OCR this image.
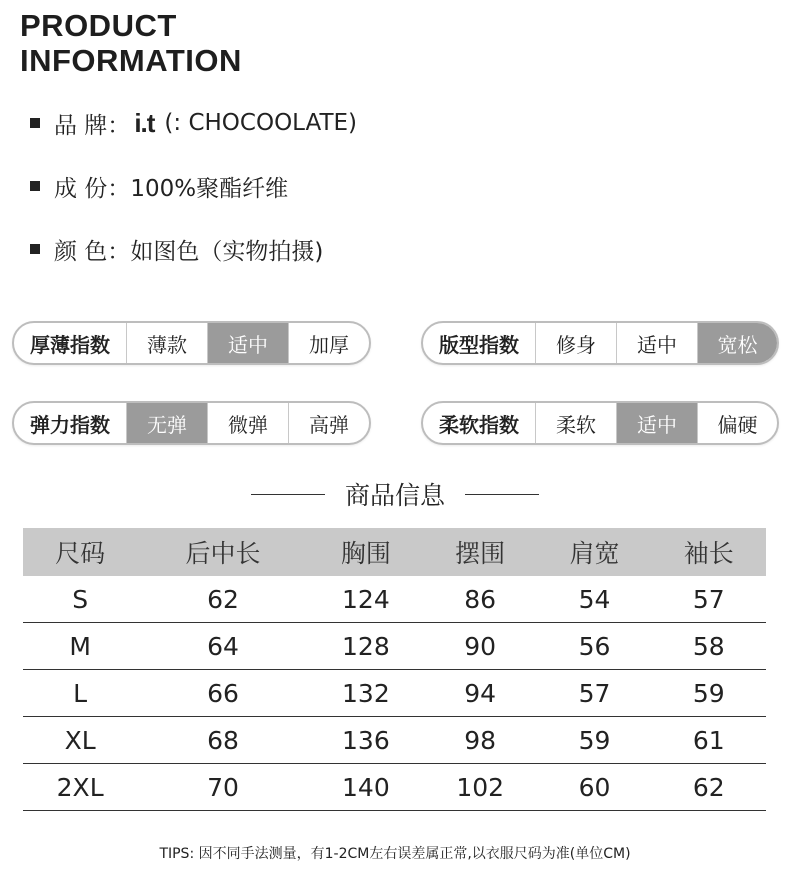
PRODUCT
INFORMATION
品 牌： i.t (: CHOCOOLATE)
成 份： 100%聚酯纤维
颜 色： 如图色（实物拍摄)
厚薄指数	薄款	适中	加厚	版型指数	修身	适中	宽松
弹力指数	无弹	微弹	高弹	柔软指数	柔软	适中	偏硬
商品信息
尺码	后中长	胸围	摆围	肩宽	袖长
S	62	124	86	54	57
M	64	128	90	56	58
L	66	132	94	57	59
XL	68	136	98	59	61
2XL	70	140	102	60	62
TIPS: 因不同手法测量，有1-2CM左右误差属正常,以衣服尺码为准(单位CM)
